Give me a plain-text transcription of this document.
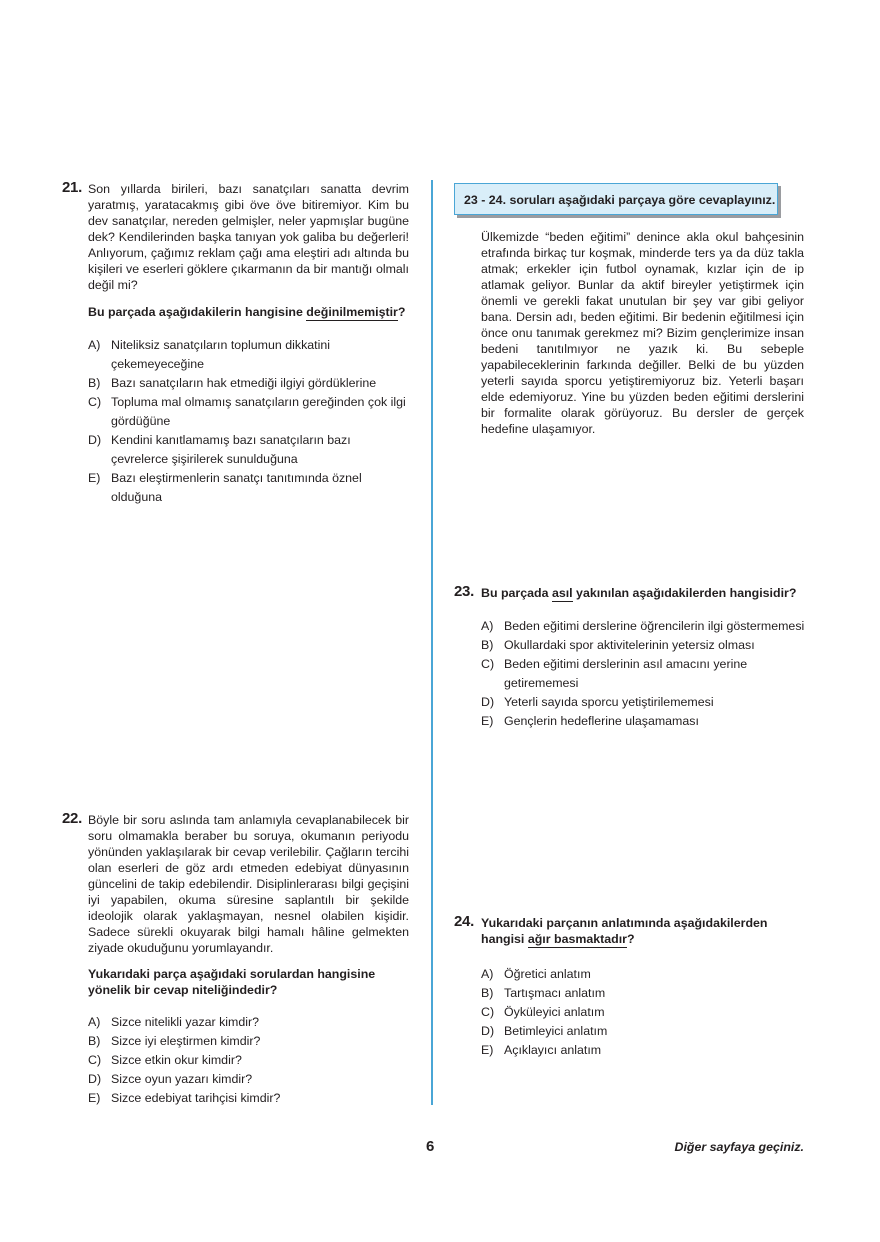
21. Son yıllarda birileri, bazı sanatçıları sanatta devrim yaratmış, yaratacakmış gibi öve öve bitiremiyor. Kim bu dev sanatçılar, nereden gelmişler, neler yapmışlar bugüne dek? Kendilerinden başka tanıyan yok galiba bu değerleri! Anlıyorum, çağımız reklam çağı ama eleştiri adı altında bu kişileri ve eserleri göklere çıkarmanın da bir mantığı olmalı değil mi?

Bu parçada aşağıdakilerin hangisine değinilmemiştir?

A) Niteliksiz sanatçıların toplumun dikkatini çekemeyeceğine
B) Bazı sanatçıların hak etmediği ilgiyi gördüklerine
C) Topluma mal olmamış sanatçıların gereğinden çok ilgi gördüğüne
D) Kendini kanıtlamamış bazı sanatçıların bazı çevrelerce şişirilerek sunulduğuna
E) Bazı eleştirmenlerin sanatçı tanıtımında öznel olduğuna
22. Böyle bir soru aslında tam anlamıyla cevaplanabilecek bir soru olmamakla beraber bu soruya, okumanın periyodu yönünden yaklaşılarak bir cevap verilebilir. Çağların tercihi olan eserleri de göz ardı etmeden edebiyat dünyasının güncelini de takip edebilendir. Disiplinlerarası bilgi geçişini iyi yapabilen, okuma süresine saplantılı bir şekilde ideolojik olarak yaklaşmayan, nesnel olabilen kişidir. Sadece sürekli okuyarak bilgi hamalı hâline gelmekten ziyade okuduğunu yorumlayandır.

Yukarıdaki parça aşağıdaki sorulardan hangisine yönelik bir cevap niteliğindedir?

A) Sizce nitelikli yazar kimdir?
B) Sizce iyi eleştirmen kimdir?
C) Sizce etkin okur kimdir?
D) Sizce oyun yazarı kimdir?
E) Sizce edebiyat tarihçisi kimdir?
23 - 24. soruları aşağıdaki parçaya göre cevaplayınız.

Ülkemizde “beden eğitimi” denince akla okul bahçesinin etrafında birkaç tur koşmak, minderde ters ya da düz takla atmak; erkekler için futbol oynamak, kızlar için de ip atlamak geliyor. Bunlar da aktif bireyler yetiştirmek için önemli ve gerekli fakat unutulan bir şey var gibi geliyor bana. Dersin adı, beden eğitimi. Bir bedenin eğitilmesi için önce onu tanımak gerekmez mi? Bizim gençlerimize insan bedeni tanıtılmıyor ne yazık ki. Bu sebeple yapabileceklerinin farkında değiller. Belki de bu yüzden yeterli sayıda sporcu yetiştiremiyoruz biz. Yeterli başarı elde edemiyoruz. Yine bu yüzden beden eğitimi derslerini bir formalite olarak görüyoruz. Bu dersler de gerçek hedefine ulaşamıyor.

23. Bu parçada asıl yakınılan aşağıdakilerden hangisidir?

A) Beden eğitimi derslerine öğrencilerin ilgi göstermemesi
B) Okullardaki spor aktivitelerinin yetersiz olması
C) Beden eğitimi derslerinin asıl amacını yerine getirememesi
D) Yeterli sayıda sporcu yetiştirilememesi
E) Gençlerin hedeflerine ulaşamaması
24. Yukarıdaki parçanın anlatımında aşağıdakilerden hangisi ağır basmaktadır?

A) Öğretici anlatım
B) Tartışmacı anlatım
C) Öyküleyici anlatım
D) Betimleyici anlatım
E) Açıklayıcı anlatım
6	Diğer sayfaya geçiniz.
